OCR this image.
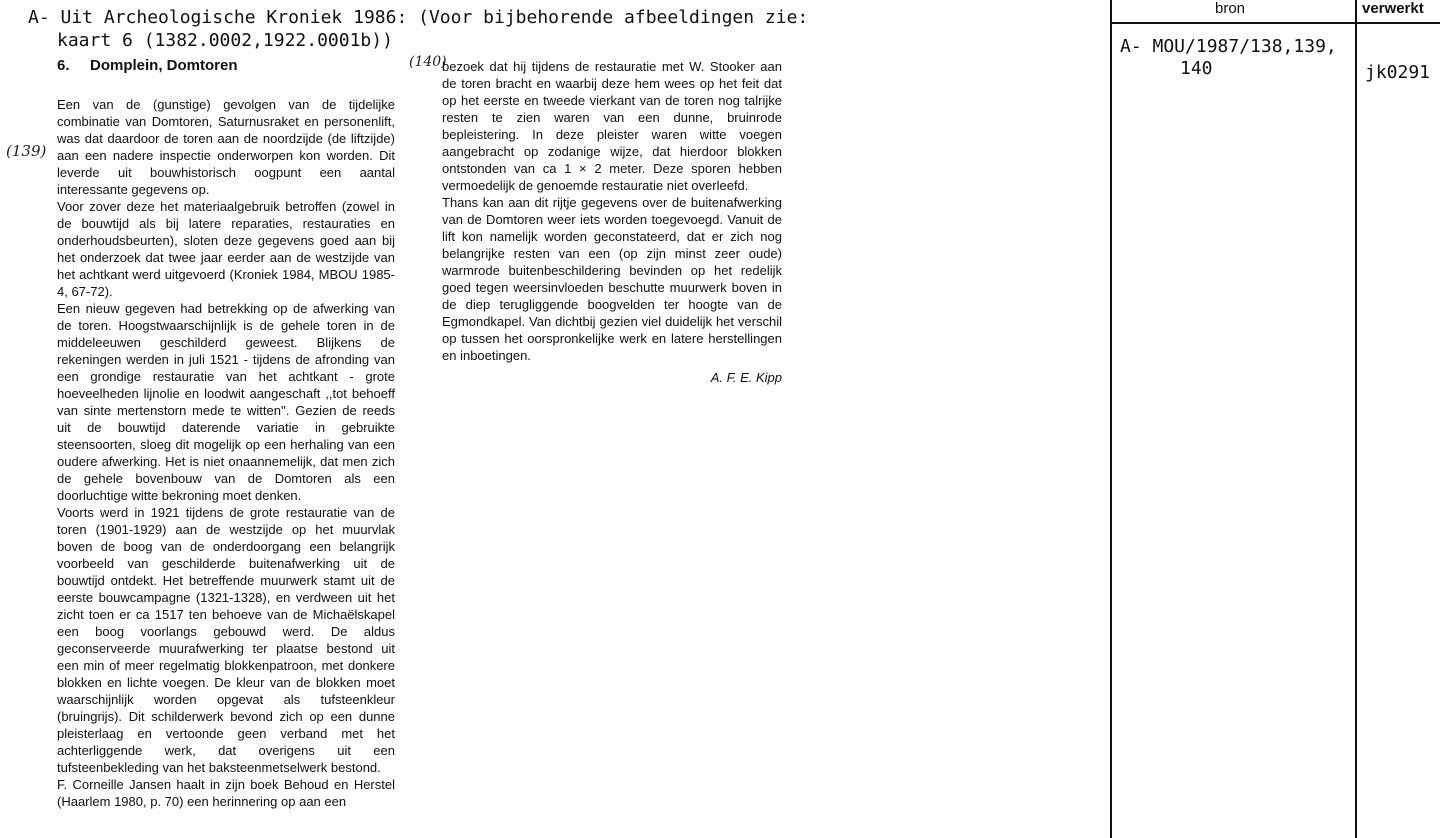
A- Uit Archeologische Kroniek 1986: (Voor bijbehorende afbeeldingen zie:
kaart 6 (1382.0002,1922.0001b))
(140)
(139)
6. Domplein, Domtoren

Een van de (gunstige) gevolgen van de tijdelijke combinatie van Domtoren, Saturnusraket en personenlift, was dat daardoor de toren aan de noordzijde (de liftzijde) aan een nadere inspectie onderworpen kon worden. Dit leverde uit bouwhistorisch oogpunt een aantal interessante gegevens op.

Voor zover deze het materiaalgebruik betroffen (zowel in de bouwtijd als bij latere reparaties, restauraties en onderhoudsbeurten), sloten deze gegevens goed aan bij het onderzoek dat twee jaar eerder aan de westzijde van het achtkant werd uitgevoerd (Kroniek 1984, MBOU 1985-4, 67-72).

Een nieuw gegeven had betrekking op de afwerking van de toren. Hoogstwaarschijnlijk is de gehele toren in de middeleeuwen geschilderd geweest. Blijkens de rekeningen werden in juli 1521 - tijdens de afronding van een grondige restauratie van het achtkant - grote hoeveelheden lijnolie en loodwit aangeschaft ,,tot behoeff van sinte mertenstorn mede te witten''. Gezien de reeds uit de bouwtijd daterende variatie in gebruikte steensoorten, sloeg dit mogelijk op een herhaling van een oudere afwerking. Het is niet onaannemelijk, dat men zich de gehele bovenbouw van de Domtoren als een doorluchtige witte bekroning moet denken.

Voorts werd in 1921 tijdens de grote restauratie van de toren (1901-1929) aan de westzijde op het muurvlak boven de boog van de onderdoorgang een belangrijk voorbeeld van geschilderde buitenafwerking uit de bouwtijd ontdekt. Het betreffende muurwerk stamt uit de eerste bouwcampagne (1321-1328), en verdween uit het zicht toen er ca 1517 ten behoeve van de Michaëlskapel een boog voorlangs gebouwd werd. De aldus geconserveerde muurafwerking ter plaatse bestond uit een min of meer regelmatig blokkenpatroon, met donkere blokken en lichte voegen. De kleur van de blokken moet waarschijnlijk worden opgevat als tufsteenkleur (bruingrijs). Dit schilderwerk bevond zich op een dunne pleisterlaag en vertoonde geen verband met het achterliggende werk, dat overigens uit een tufsteenbekleding van het baksteenmetselwerk bestond.

F. Corneille Jansen haalt in zijn boek Behoud en Herstel (Haarlem 1980, p. 70) een herinnering op aan een

bezoek dat hij tijdens de restauratie met W. Stooker aan de toren bracht en waarbij deze hem wees op het feit dat op het eerste en tweede vierkant van de toren nog talrijke resten te zien waren van een dunne, bruinrode bepleistering. In deze pleister waren witte voegen aangebracht op zodanige wijze, dat hierdoor blokken ontstonden van ca 1 × 2 meter. Deze sporen hebben vermoedelijk de genoemde restauratie niet overleefd.

Thans kan aan dit rijtje gegevens over de buitenafwerking van de Domtoren weer iets worden toegevoegd. Vanuit de lift kon namelijk worden geconstateerd, dat er zich nog belangrijke resten van een (op zijn minst zeer oude) warmrode buitenbeschildering bevinden op het redelijk goed tegen weersinvloeden beschutte muurwerk boven in de diep terugliggende boogvelden ter hoogte van de Egmondkapel. Van dichtbij gezien viel duidelijk het verschil op tussen het oorspronkelijke werk en latere herstellingen en inboetingen.

A. F. E. Kipp

bron	verwerkt
A- MOU/1987/138,139,
140	jk0291
